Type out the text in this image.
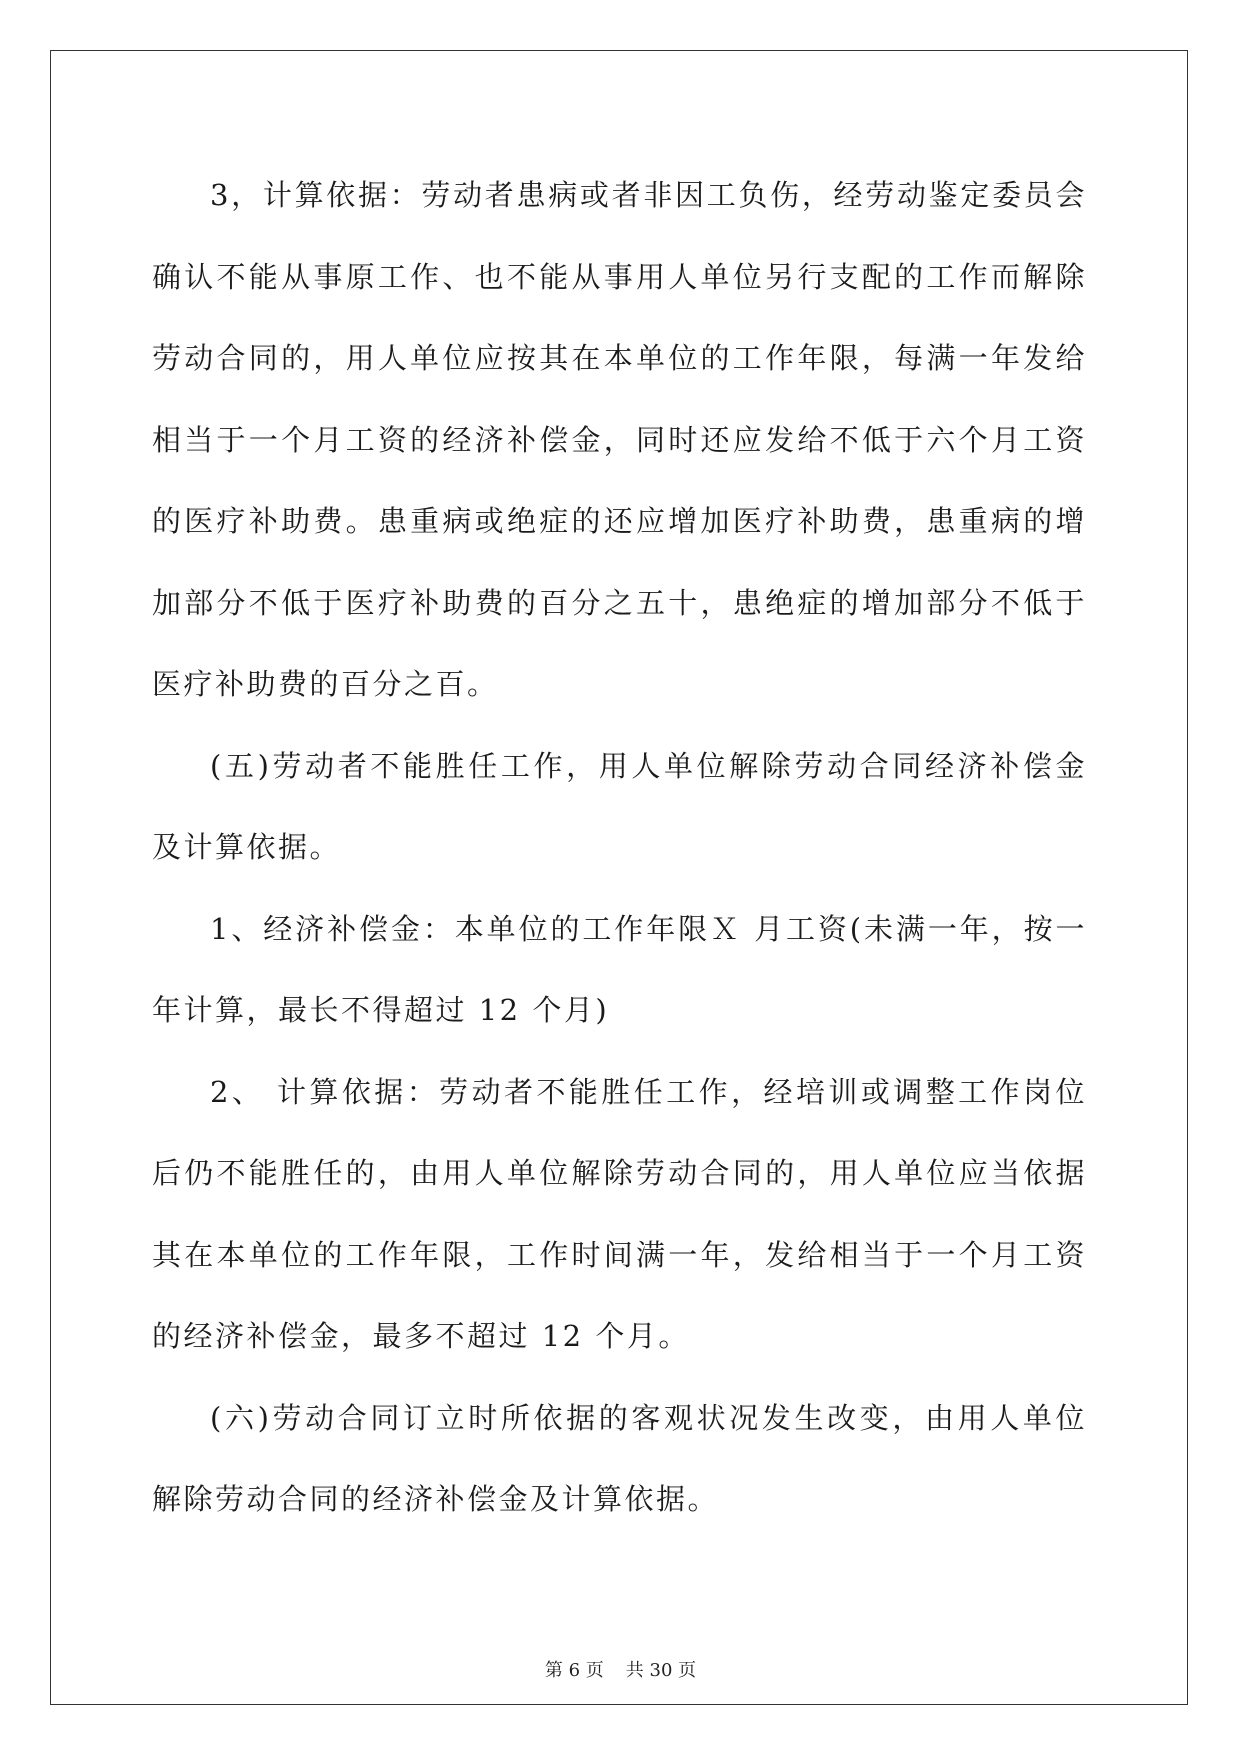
3，计算依据：劳动者患病或者非因工负伤，经劳动鉴定委员会确认不能从事原工作、也不能从事用人单位另行支配的工作而解除劳动合同的，用人单位应按其在本单位的工作年限，每满一年发给相当于一个月工资的经济补偿金，同时还应发给不低于六个月工资的医疗补助费。患重病或绝症的还应增加医疗补助费，患重病的增加部分不低于医疗补助费的百分之五十，患绝症的增加部分不低于医疗补助费的百分之百。

(五)劳动者不能胜任工作，用人单位解除劳动合同经济补偿金及计算依据。

1、经济补偿金：本单位的工作年限Ｘ 月工资(未满一年，按一年计算，最长不得超过 12 个月)

2、 计算依据：劳动者不能胜任工作，经培训或调整工作岗位后仍不能胜任的，由用人单位解除劳动合同的，用人单位应当依据其在本单位的工作年限，工作时间满一年，发给相当于一个月工资的经济补偿金，最多不超过 12 个月。

(六)劳动合同订立时所依据的客观状况发生改变，由用人单位解除劳动合同的经济补偿金及计算依据。

第 6 页 共 30 页
